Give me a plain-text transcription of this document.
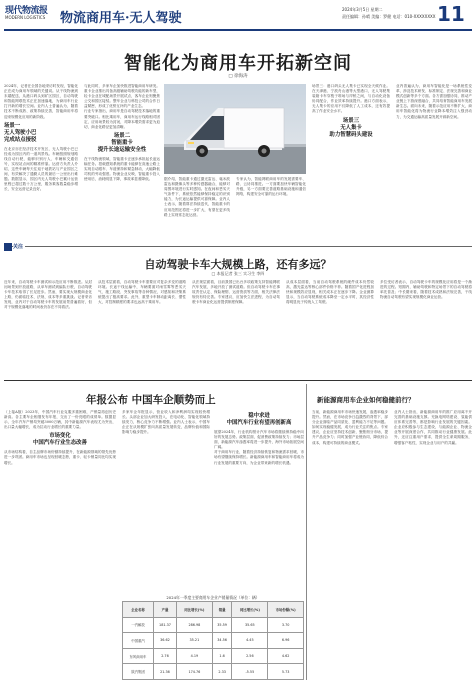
现代物流报
MODERN LOGISTICS 物流商用车·无人驾驶
2024年3月5日 星期二
责任编辑：孙晴 美编：罗健 电话：010-XXXXXXXX 11
智能化为商用车开拓新空间
□ 徐海涛

2024年，记者在全国各地采访时发现，智能化正在成为商用车领域的关键词。从干线物流到末端配送，从港口码头到矿区园区，自动驾驶和智能网联技术正在加速落地，为商用车行业打开新的增长空间。业内人士普遍认为，随着技术不断成熟、政策持续完善，智能商用车将迎来规模化应用的新阶段。

场景一
无人驾驶小巴
完成站点接驳

在北京亦庄经济技术开发区，无人驾驶小巴已经成为园区内的一道风景线。车辆按照规划路线自动行驶，能够识别行人、车辆和交通信号，实现站点间的精准停靠。运营方负责人介绍，这些车辆每天往返于地铁站与产业园区之间，有效解决了通勤人员的最后一公里出行难题。数据显示，园区内无人驾驶小巴累计运营里程已超过数十万公里，服务乘客数量稳步增长，安全运营记录良好。

与此同时，多家车企加快推进智能商用车研发。重卡企业推出具备高级辅助驾驶功能的新车型，轻卡企业在城配场景开展试点，客车企业则聚焦公交和园区接驳。整车企业与科技公司的合作日益紧密，形成了优势互补的产业生态。

行业专家指出，商用车是自动驾驶技术落地的重要突破口。相比乘用车，商用车运行线路相对固定，应用场景较为封闭，对降本增效需求更为迫切，商业化路径更加清晰。

场景二
智能重卡
提升长途运输安全性

在干线物流领域，智能重卡正逐步承担起长途运输任务。搭载感知系统的重卡能够在高速公路上实现自动跟车、车道保持和紧急制动，大幅降低司机的劳动强度。物流企业反映，智能重卡投入使用后，油耗明显下降，事故率显著降低。	据介绍，智能重卡通过激光雷达、毫米波雷达和摄像头等多种传感器融合，能够对周围环境进行实时感知。在夜间和恶劣天气条件下，系统依然能够保持稳定的识别能力，为长途运输提供可靠保障。业内人士表示，随着算法持续迭代，智能重卡的应用范围还将进一步扩大，有望在更多线路上实现常态化运营。

专家认为，智能网联商用车的发展需要车、路、云协同推进。一方面要加快车辆智能化升级，另一方面要完善道路基础设施和通信网络，构建安全可靠的运行环境。

场景三：港口码头无人集卡已实现全天候作业。在天津港、宁波舟山港等大型港口，无人驾驶集装箱卡车穿梭于堆场与岸桥之间，与自动化设备协同配合，作业效率持续提升。港口方面表示，无人集卡的应用不仅降低了人工成本，还有效提高了作业安全水平。

场景三
无人集卡
助力智慧码头建设

业内普遍认为，商用车智能化是一场系统性变革，涉及技术研发、标准制定、法规完善和商业模式创新等多个方面。各方需加强协同，推动产业链上下游深度融合，共同培育智能商用车发展新生态。面向未来，随着示范应用不断扩大，商用车智能化将为物流行业降本增效注入强劲动力，为交通运输高质量发展开辟新空间。

关注
自动驾驶卡车大规模上路，还有多远？
□ 本报记者 张三 实习生 李四

近年来，自动驾驶卡车测试和示范应用不断推进。从封闭场景到开放道路，从单车测试到编队行驶，自动驾驶卡车技术取得了长足进步。然而，要实现大规模商业化上路，仍面临技术、法规、成本等多重挑战。记者采访发现，业内对于自动驾驶卡车的发展前景普遍看好，但对于规模化落地的时间表仍存在不同看法。

从技术层面看，自动驾驶卡车需要应对复杂多变的道路环境。长途干线运输中，车辆要面对雨雪雾等恶劣天气、施工路段、突发事故等各种情况，对感知和决策系统提出了极高要求。此外，重型卡车制动距离长、惯性大，对控制精度的要求也远高于乘用车。

从法规层面看，目前我国已出台多项政策支持智能网联汽车发展，多地开放了测试道路。但自动驾驶卡车在事故责任认定、保险理赔、运营资质等方面，相关法律法规仍有待完善。专家建议，应加快立法进程，为自动驾驶卡车商业化运营提供制度保障。

从成本层面看，当前自动驾驶系统的硬件成本仍然较高，激光雷达等核心部件价格不菲。随着国产化进程加快和规模效应显现，相关成本正在逐步下降。企业测算显示，当自动驾驶系统成本降至一定水平时，其经济性将明显优于传统人工驾驶。

多位受访者表示，自动驾驶卡车的规模化应用将是一个渐进的过程。短期内，辅助驾驶和特定场景下的自动驾驶将率先普及；中长期来看，随着技术成熟和法规完善，干线物流自动驾驶有望实现规模化商业运营。

年报公布 中国车企顺势而上

（上接A版）2023年，中国汽车行业克服多重困难，产销量再创历史新高。各主要车企相继发布年报，交出了一份亮眼的成绩单。数据显示，全年汽车产销均突破3000万辆，其中新能源汽车表现尤为突出，出口量大幅增长，成为拉动行业增长的重要力量。

市场变化
中国汽车行业生态改善

从市场结构看，自主品牌市场份额持续提升，在新能源领域的领先优势进一步巩固。商用车市场也呈现回暖态势，重卡、轻卡销量同比均实现增长。

多家车企年报显示，营业收入和净利润均实现较快增长。头部企业加大研发投入，在电动化、智能化领域持续发力，核心竞争力不断增强。业内人士表示，中国车企正在从规模扩张向高质量发展转变，品牌价值和国际影响力稳步提升。

稳中求进
中国汽车行业有望再创新高

展望2024年，行业机构预计汽车市场将继续保持稳中向好的发展态势。政策层面，促消费政策持续发力；市场层面，新能源汽车渗透率将进一步提升，海外市场拓展空间广阔。

对于商用车行业，随着经济持续恢复和物流需求回暖，市场有望继续保持增长。新能源商用车和智能商用车将成为行业发展的重要方向，为企业带来新的增长机遇。

2024年一季度主要商用车企业产销量情况（单位：辆）
企业名称	产量	同比增长(%)	销量	同比增长(%)	市场份额(%)
一汽解放	181.37	286.98	35.59	35.65	3.70
中国重汽	36.62	35.21	34.56	4.45	6.96
东风商用车	2.76	4.19	1.6	2.56	4.62
陕汽集团	21.36	174.76	2.33	-5.55	5.73
新能源商用车企业如何稳健前行？

当前，新能源商用车市场快速发展，渗透率稳步提升。然而，在市场竞争日趋激烈的背景下，部分企业面临产品同质化、盈利能力不足等问题。如何实现稳健发展，成为行业关注的焦点。专家建议，企业应坚持技术创新，聚焦细分市场，提升产品竞争力；同时加强产业链协同，降低综合成本，构建可持续的商业模式。

业内人士指出，新能源商用车的推广应用离不开完善的基础设施支撑。充换电网络建设、氢能供应体系完善等，都是影响行业发展的关键因素。企业应积极参与生态建设，与能源企业、物流企业等开展深度合作，共同推动行业健康发展。此外，还应注重用户需求，提供全生命周期服务，增强客户粘性，实现企业与用户的共赢。
